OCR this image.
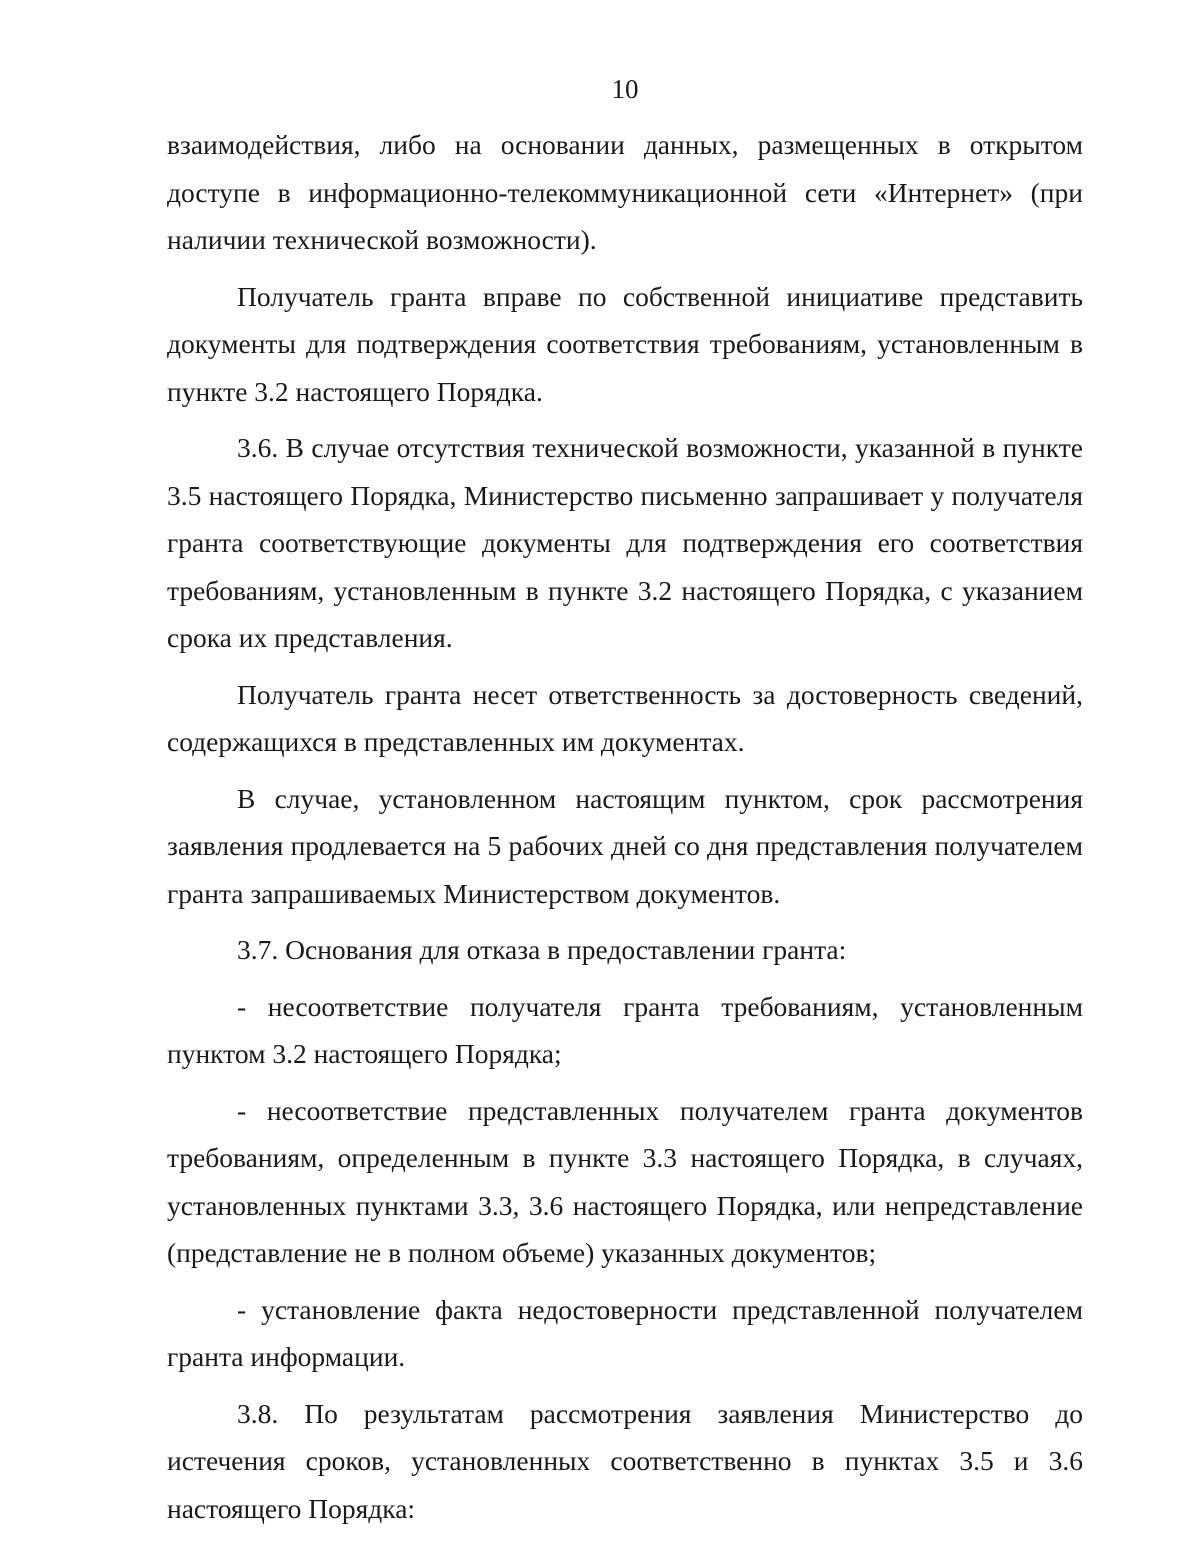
10

взаимодействия, либо на основании данных, размещенных в открытом доступе в информационно-телекоммуникационной сети «Интернет» (при наличии технической возможности).

Получатель гранта вправе по собственной инициативе представить документы для подтверждения соответствия требованиям, установленным в пункте 3.2 настоящего Порядка.

3.6. В случае отсутствия технической возможности, указанной в пункте 3.5 настоящего Порядка, Министерство письменно запрашивает у получателя гранта соответствующие документы для подтверждения его соответствия требованиям, установленным в пункте 3.2 настоящего Порядка, с указанием срока их представления.

Получатель гранта несет ответственность за достоверность сведений, содержащихся в представленных им документах.

В случае, установленном настоящим пунктом, срок рассмотрения заявления продлевается на 5 рабочих дней со дня представления получателем гранта запрашиваемых Министерством документов.

3.7. Основания для отказа в предоставлении гранта:

- несоответствие получателя гранта требованиям, установленным пунктом 3.2 настоящего Порядка;

- несоответствие представленных получателем гранта документов требованиям, определенным в пункте 3.3 настоящего Порядка, в случаях, установленных пунктами 3.3, 3.6 настоящего Порядка, или непредставление (представление не в полном объеме) указанных документов;

- установление факта недостоверности представленной получателем гранта информации.

3.8. По результатам рассмотрения заявления Министерство до истечения сроков, установленных соответственно в пунктах 3.5 и 3.6 настоящего Порядка:
